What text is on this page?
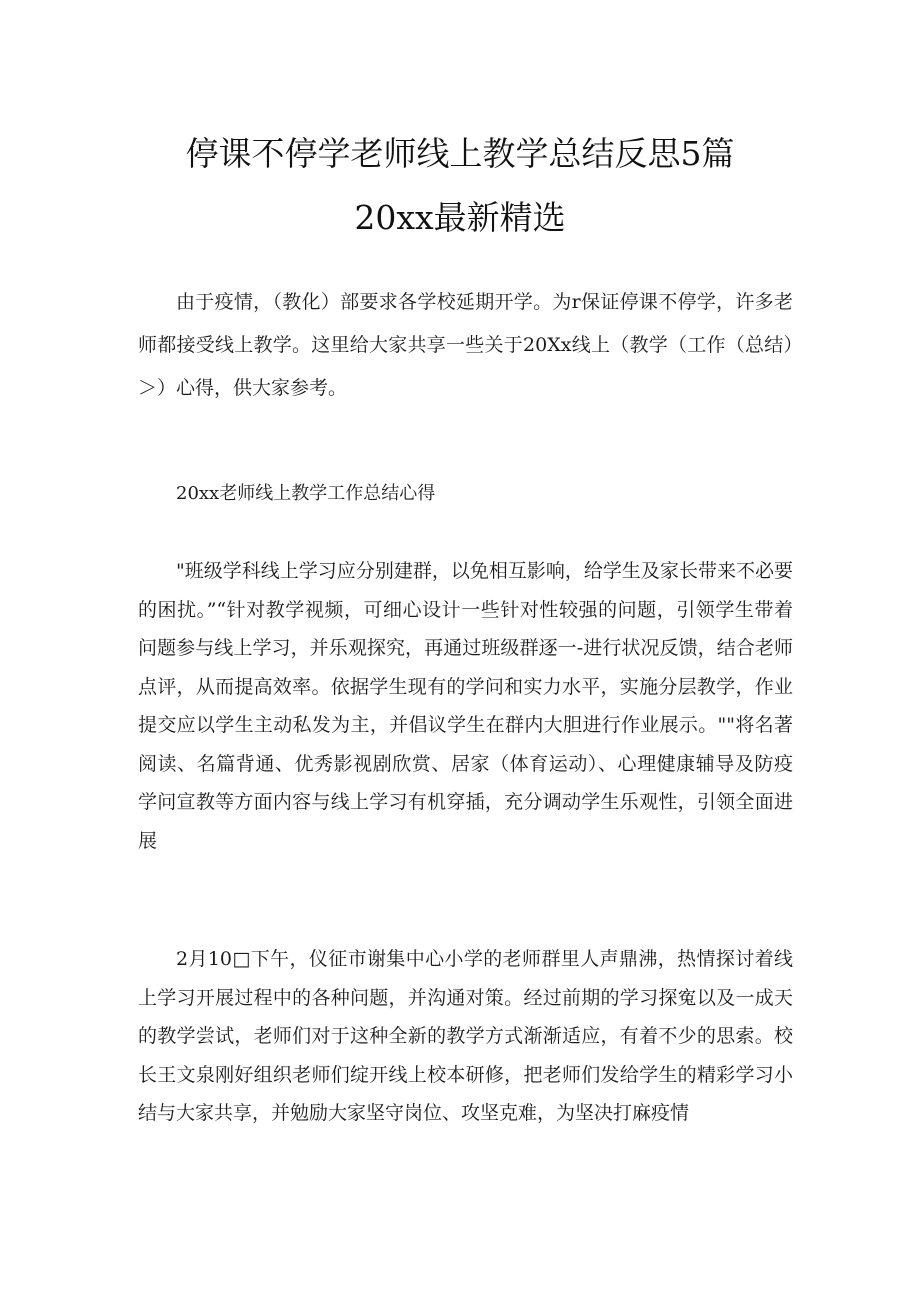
停课不停学老师线上教学总结反思5篇
20xx最新精选

由于疫情，（教化）部要求各学校延期开学。为r保证停课不停学，许多老师都接受线上教学。这里给大家共享一些关于20Xx线上（教学（工作（总结）＞）心得，供大家参考。

20xx老师线上教学工作总结心得

"班级学科线上学习应分别建群，以免相互影响，给学生及家长带来不必要的困扰。”“针对教学视频，可细心设计一些针对性较强的问题，引领学生带着问题参与线上学习，并乐观探究，再通过班级群逐一-进行状况反馈，结合老师点评，从而提高效率。依据学生现有的学问和实力水平，实施分层教学，作业提交应以学生主动私发为主，并倡议学生在群内大胆进行作业展示。""将名著阅读、名篇背通、优秀影视剧欣赏、居家（体育运动）、心理健康辅导及防疫学问宣教等方面内容与线上学习有机穿插，充分调动学生乐观性，引领全面进展

2月10□下午，仪征市谢集中心小学的老师群里人声鼎沸，热情探讨着线上学习开展过程中的各种问题，并沟通对策。经过前期的学习探寃以及一成天的教学尝试，老师们对于这种全新的教学方式渐渐适应，有着不少的思索。校长王文泉刚好组织老师们绽开线上校本研修，把老师们发给学生的精彩学习小结与大家共享，并勉励大家坚守岗位、攻坚克难，为坚决打麻疫情
